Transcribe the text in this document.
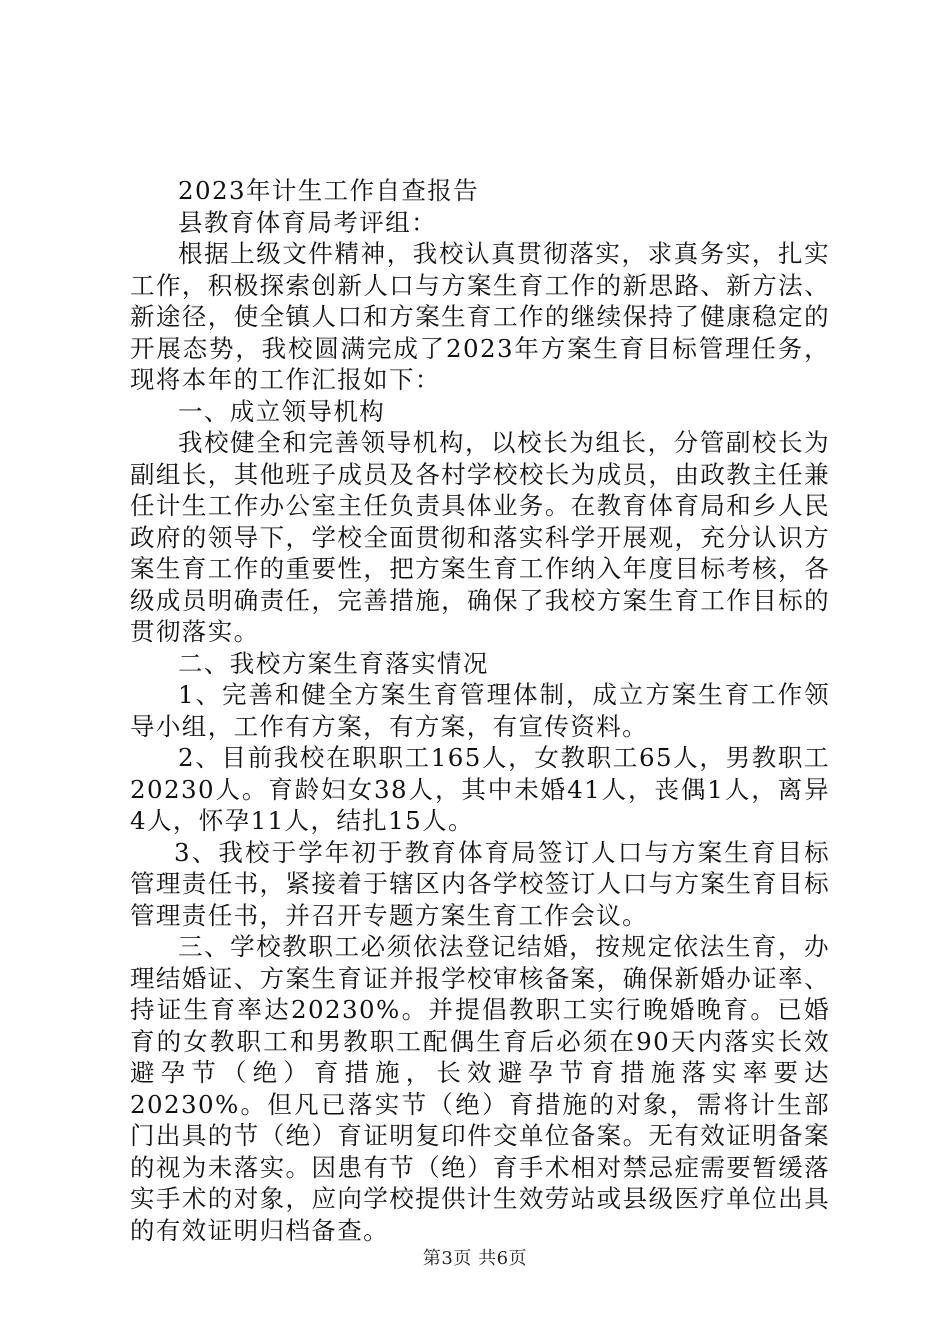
2023年计生工作自查报告

县教育体育局考评组：

根据上级文件精神，我校认真贯彻落实，求真务实，扎实工作，积极探索创新人口与方案生育工作的新思路、新方法、新途径，使全镇人口和方案生育工作的继续保持了健康稳定的开展态势，我校圆满完成了2023年方案生育目标管理任务，现将本年的工作汇报如下：

一、成立领导机构

我校健全和完善领导机构，以校长为组长，分管副校长为副组长，其他班子成员及各村学校校长为成员，由政教主任兼任计生工作办公室主任负责具体业务。在教育体育局和乡人民政府的领导下，学校全面贯彻和落实科学开展观，充分认识方案生育工作的重要性，把方案生育工作纳入年度目标考核，各级成员明确责任，完善措施，确保了我校方案生育工作目标的贯彻落实。

二、我校方案生育落实情况

1、完善和健全方案生育管理体制，成立方案生育工作领导小组，工作有方案，有方案，有宣传资料。

2、目前我校在职职工165人，女教职工65人，男教职工20230人。育龄妇女38人，其中未婚41人，丧偶1人，离异4人，怀孕11人，结扎15人。

3、我校于学年初于教育体育局签订人口与方案生育目标管理责任书，紧接着于辖区内各学校签订人口与方案生育目标管理责任书，并召开专题方案生育工作会议。

三、学校教职工必须依法登记结婚，按规定依法生育，办理结婚证、方案生育证并报学校审核备案，确保新婚办证率、持证生育率达20230%。并提倡教职工实行晚婚晚育。已婚育的女教职工和男教职工配偶生育后必须在90天内落实长效避孕节（绝）育措施，长效避孕节育措施落实率要达20230%。但凡已落实节（绝）育措施的对象，需将计生部门出具的节（绝）育证明复印件交单位备案。无有效证明备案的视为未落实。因患有节（绝）育手术相对禁忌症需要暂缓落实手术的对象，应向学校提供计生效劳站或县级医疗单位出具的有效证明归档备查。

第3页 共6页
